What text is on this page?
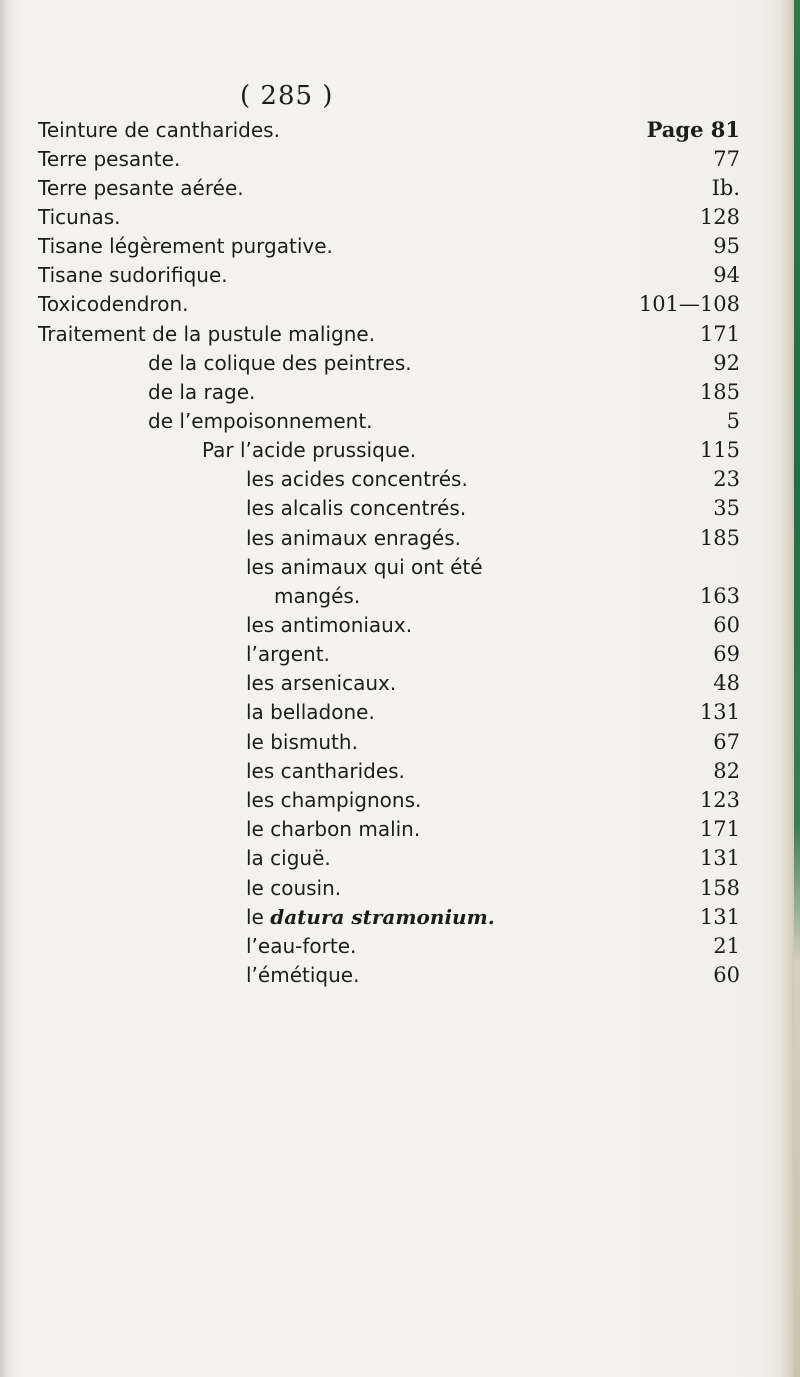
( 285 )
Teinture de cantharides.	Page 81
Terre pesante.	77
Terre pesante aérée.	Ib.
Ticunas.	128
Tisane légèrement purgative.	95
Tisane sudorifique.	94
Toxicodendron.	101—108
Traitement de la pustule maligne.	171
de la colique des peintres.	92
de la rage.	185
de l’empoisonnement.	5
Par l’acide prussique.	115
les acides concentrés.	23
les alcalis concentrés.	35
les animaux enragés.	185
les animaux qui ont été
mangés.	163
les antimoniaux.	60
l’argent.	69
les arsenicaux.	48
la belladone.	131
le bismuth.	67
les cantharides.	82
les champignons.	123
le charbon malin.	171
la ciguë.	131
le cousin.	158
le datura stramonium.	131
l’eau-forte.	21
l’émétique.	60
